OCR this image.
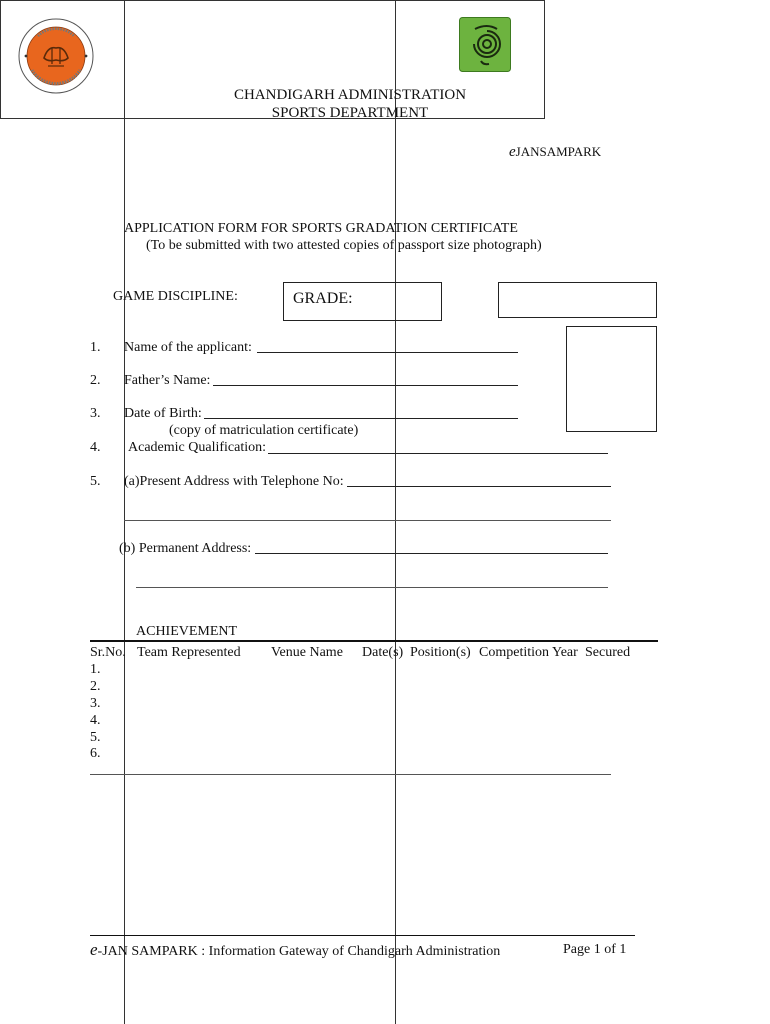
CHANDIGARH ADMINISTRATION
SPORTS DEPARTMENT
eJANSAMPARK
APPLICATION FORM FOR SPORTS GRADATION CERTIFICATE
(To be submitted with two attested copies of passport size photograph)
GAME DISCIPLINE:	GRADE:
1. Name of the applicant:
2. Father’s Name:
3. Date of Birth:
(copy of matriculation certificate)
4. Academic Qualification:
5. (a)Present Address with Telephone No:
(b) Permanent Address:
ACHIEVEMENT
Sr.No. Team Represented Venue Name Date(s) Position(s) Competition Year Secured
1.
2.
3.
4.
5.
6.
e-JAN SAMPARK : Information Gateway of Chandigarh Administration	Page 1 of 1
